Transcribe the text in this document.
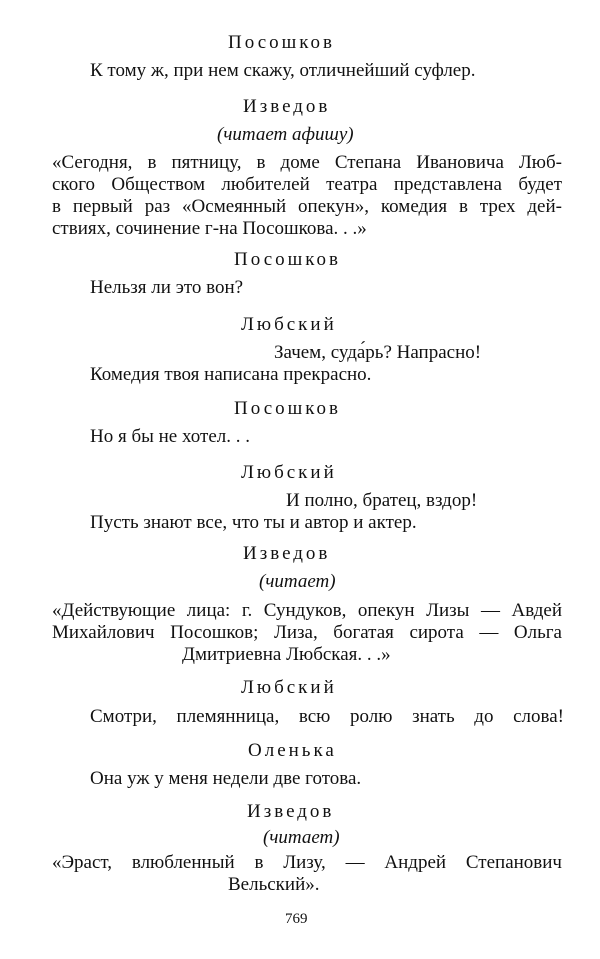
Посошков
К тому ж, при нем скажу, отличнейший суфлер.
Изведов
(читает афишу)
«Сегодня, в пятницу, в доме Степана Ивановича Люб-
ского Обществом любителей театра представлена будет
в первый раз «Осмеянный опекун», комедия в трех дей-
ствиях, сочинение г-на Посошкова. . .»
Посошков
Нельзя ли это вон?
Любский
Зачем, суда́рь? Напрасно!
Комедия твоя написана прекрасно.
Посошков
Но я бы не хотел. . .
Любский
И полно, братец, вздор!
Пусть знают все, что ты и автор и актер.
Изведов
(читает)
«Действующие лица: г. Сундуков, опекун Лизы — Авдей
Михайлович Посошков; Лиза, богатая сирота — Ольга
Дмитриевна Любская. . .»
Любский
Смотри, племянница, всю ролю знать до слова!
Оленька
Она уж у меня недели две готова.
Изведов
(читает)
«Эраст, влюбленный в Лизу, — Андрей Степанович
Вельский».
769
